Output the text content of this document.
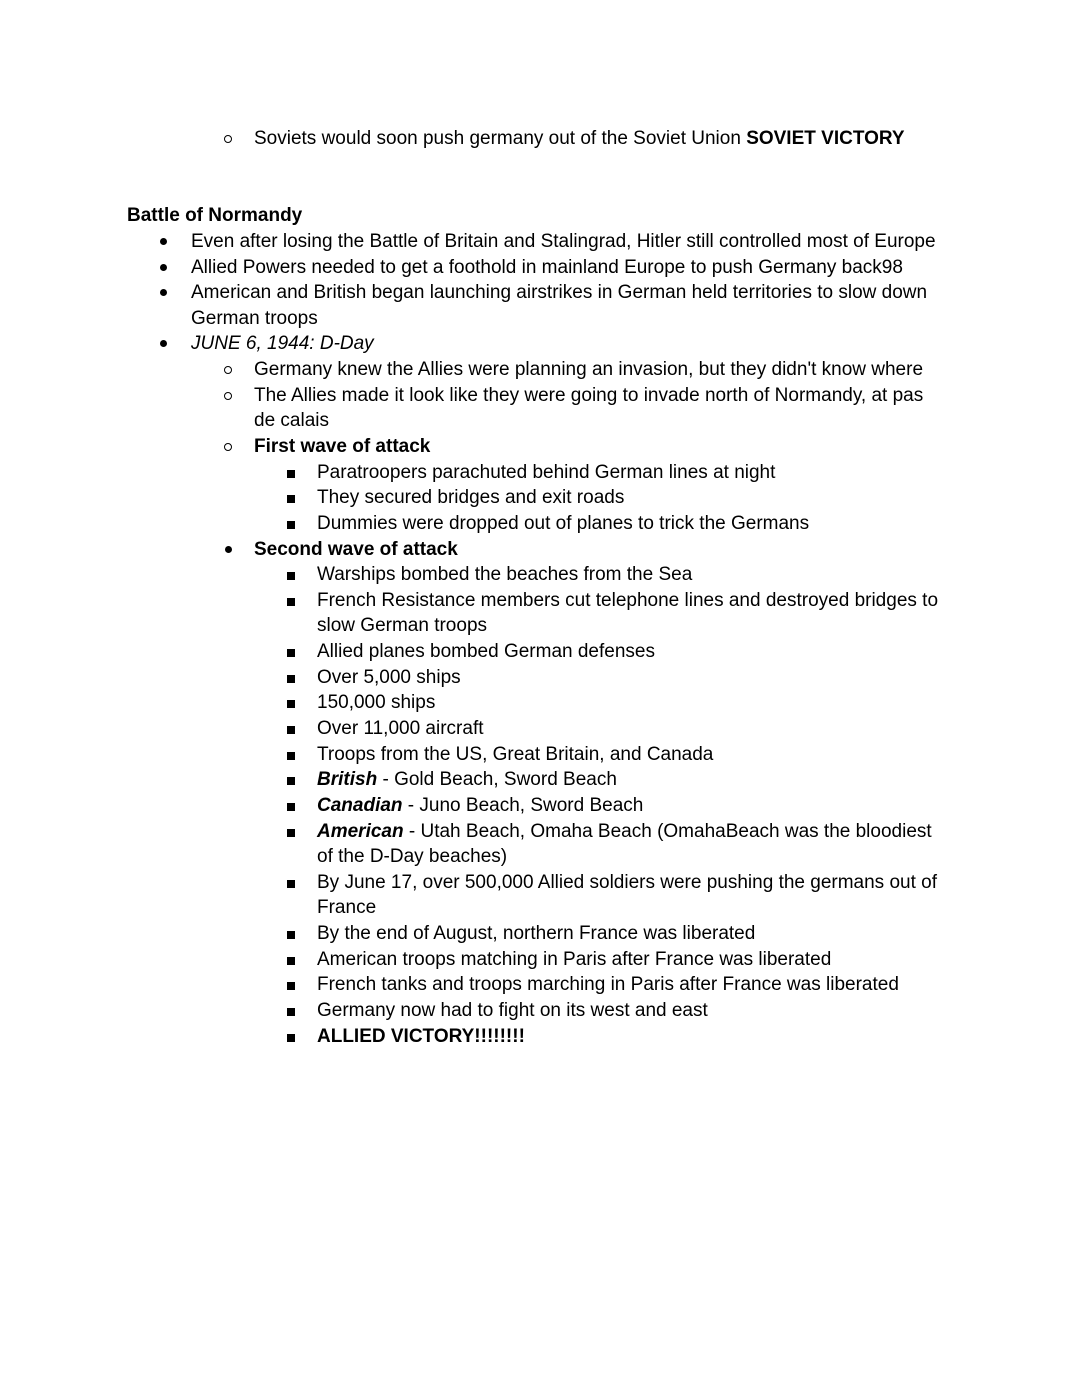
Soviets would soon push germany out of the Soviet Union SOVIET VICTORY
Battle of Normandy
Even after losing the Battle of Britain and Stalingrad, Hitler still controlled most of Europe
Allied Powers needed to get a foothold in mainland Europe to push Germany back98
American and British began launching airstrikes in German held territories to slow down
German troops
JUNE 6, 1944: D-Day
Germany knew the Allies were planning an invasion, but they didn't know where
The Allies made it look like they were going to invade north of Normandy, at pas
de calais
First wave of attack
Paratroopers parachuted behind German lines at night
They secured bridges and exit roads
Dummies were dropped out of planes to trick the Germans
Second wave of attack
Warships bombed the beaches from the Sea
French Resistance members cut telephone lines and destroyed bridges to
slow German troops
Allied planes bombed German defenses
Over 5,000 ships
150,000 ships
Over 11,000 aircraft
Troops from the US, Great Britain, and Canada
British - Gold Beach, Sword Beach
Canadian - Juno Beach, Sword Beach
American - Utah Beach, Omaha Beach (OmahaBeach was the bloodiest
of the D-Day beaches)
By June 17, over 500,000 Allied soldiers were pushing the germans out of
France
By the end of August, northern France was liberated
American troops matching in Paris after France was liberated
French tanks and troops marching in Paris after France was liberated
Germany now had to fight on its west and east
ALLIED VICTORY!!!!!!!!
